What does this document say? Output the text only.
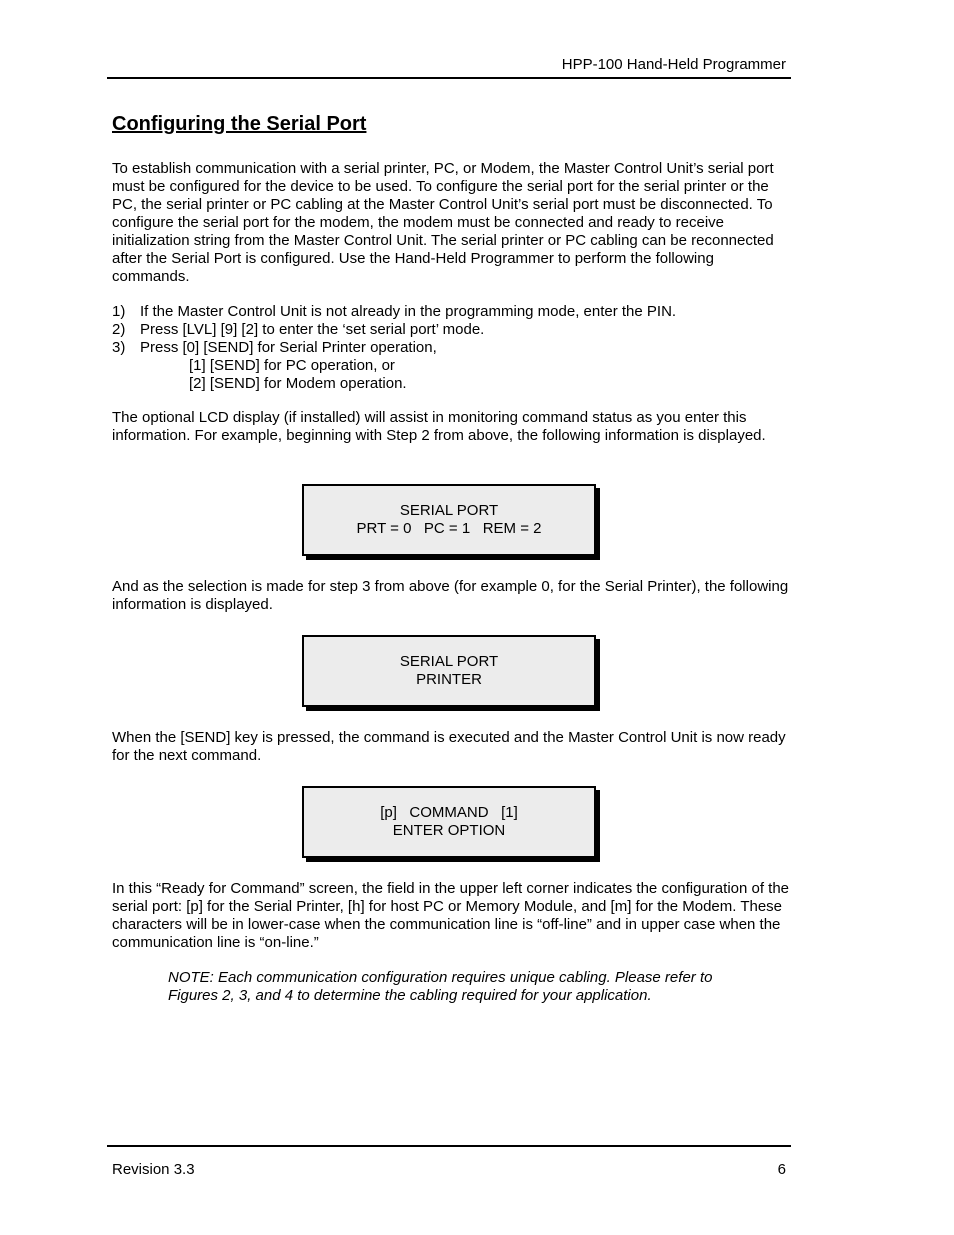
HPP-100 Hand-Held Programmer
Configuring the Serial Port

To establish communication with a serial printer, PC, or Modem, the Master Control Unit’s serial port must be configured for the device to be used. To configure the serial port for the serial printer or the PC, the serial printer or PC cabling at the Master Control Unit’s serial port must be disconnected. To configure the serial port for the modem, the modem must be connected and ready to receive initialization string from the Master Control Unit. The serial printer or PC cabling can be reconnected after the Serial Port is configured. Use the Hand-Held Programmer to perform the following commands.

1) If the Master Control Unit is not already in the programming mode, enter the PIN.
2) Press [LVL] [9] [2] to enter the ‘set serial port’ mode.
3) Press [0] [SEND] for Serial Printer operation,
[1] [SEND] for PC operation, or
[2] [SEND] for Modem operation.

The optional LCD display (if installed) will assist in monitoring command status as you enter this information. For example, beginning with Step 2 from above, the following information is displayed.

SERIAL PORT
PRT = 0   PC = 1   REM = 2

And as the selection is made for step 3 from above (for example 0, for the Serial Printer), the following information is displayed.

SERIAL PORT
PRINTER

When the [SEND] key is pressed, the command is executed and the Master Control Unit is now ready for the next command.

[p]   COMMAND   [1]
ENTER OPTION

In this “Ready for Command” screen, the field in the upper left corner indicates the configuration of the serial port: [p] for the Serial Printer, [h] for host PC or Memory Module, and [m] for the Modem. These characters will be in lower-case when the communication line is “off-line” and in upper case when the communication line is “on-line.”

NOTE: Each communication configuration requires unique cabling. Please refer to Figures 2, 3, and 4 to determine the cabling required for your application.

Revision 3.3	6
